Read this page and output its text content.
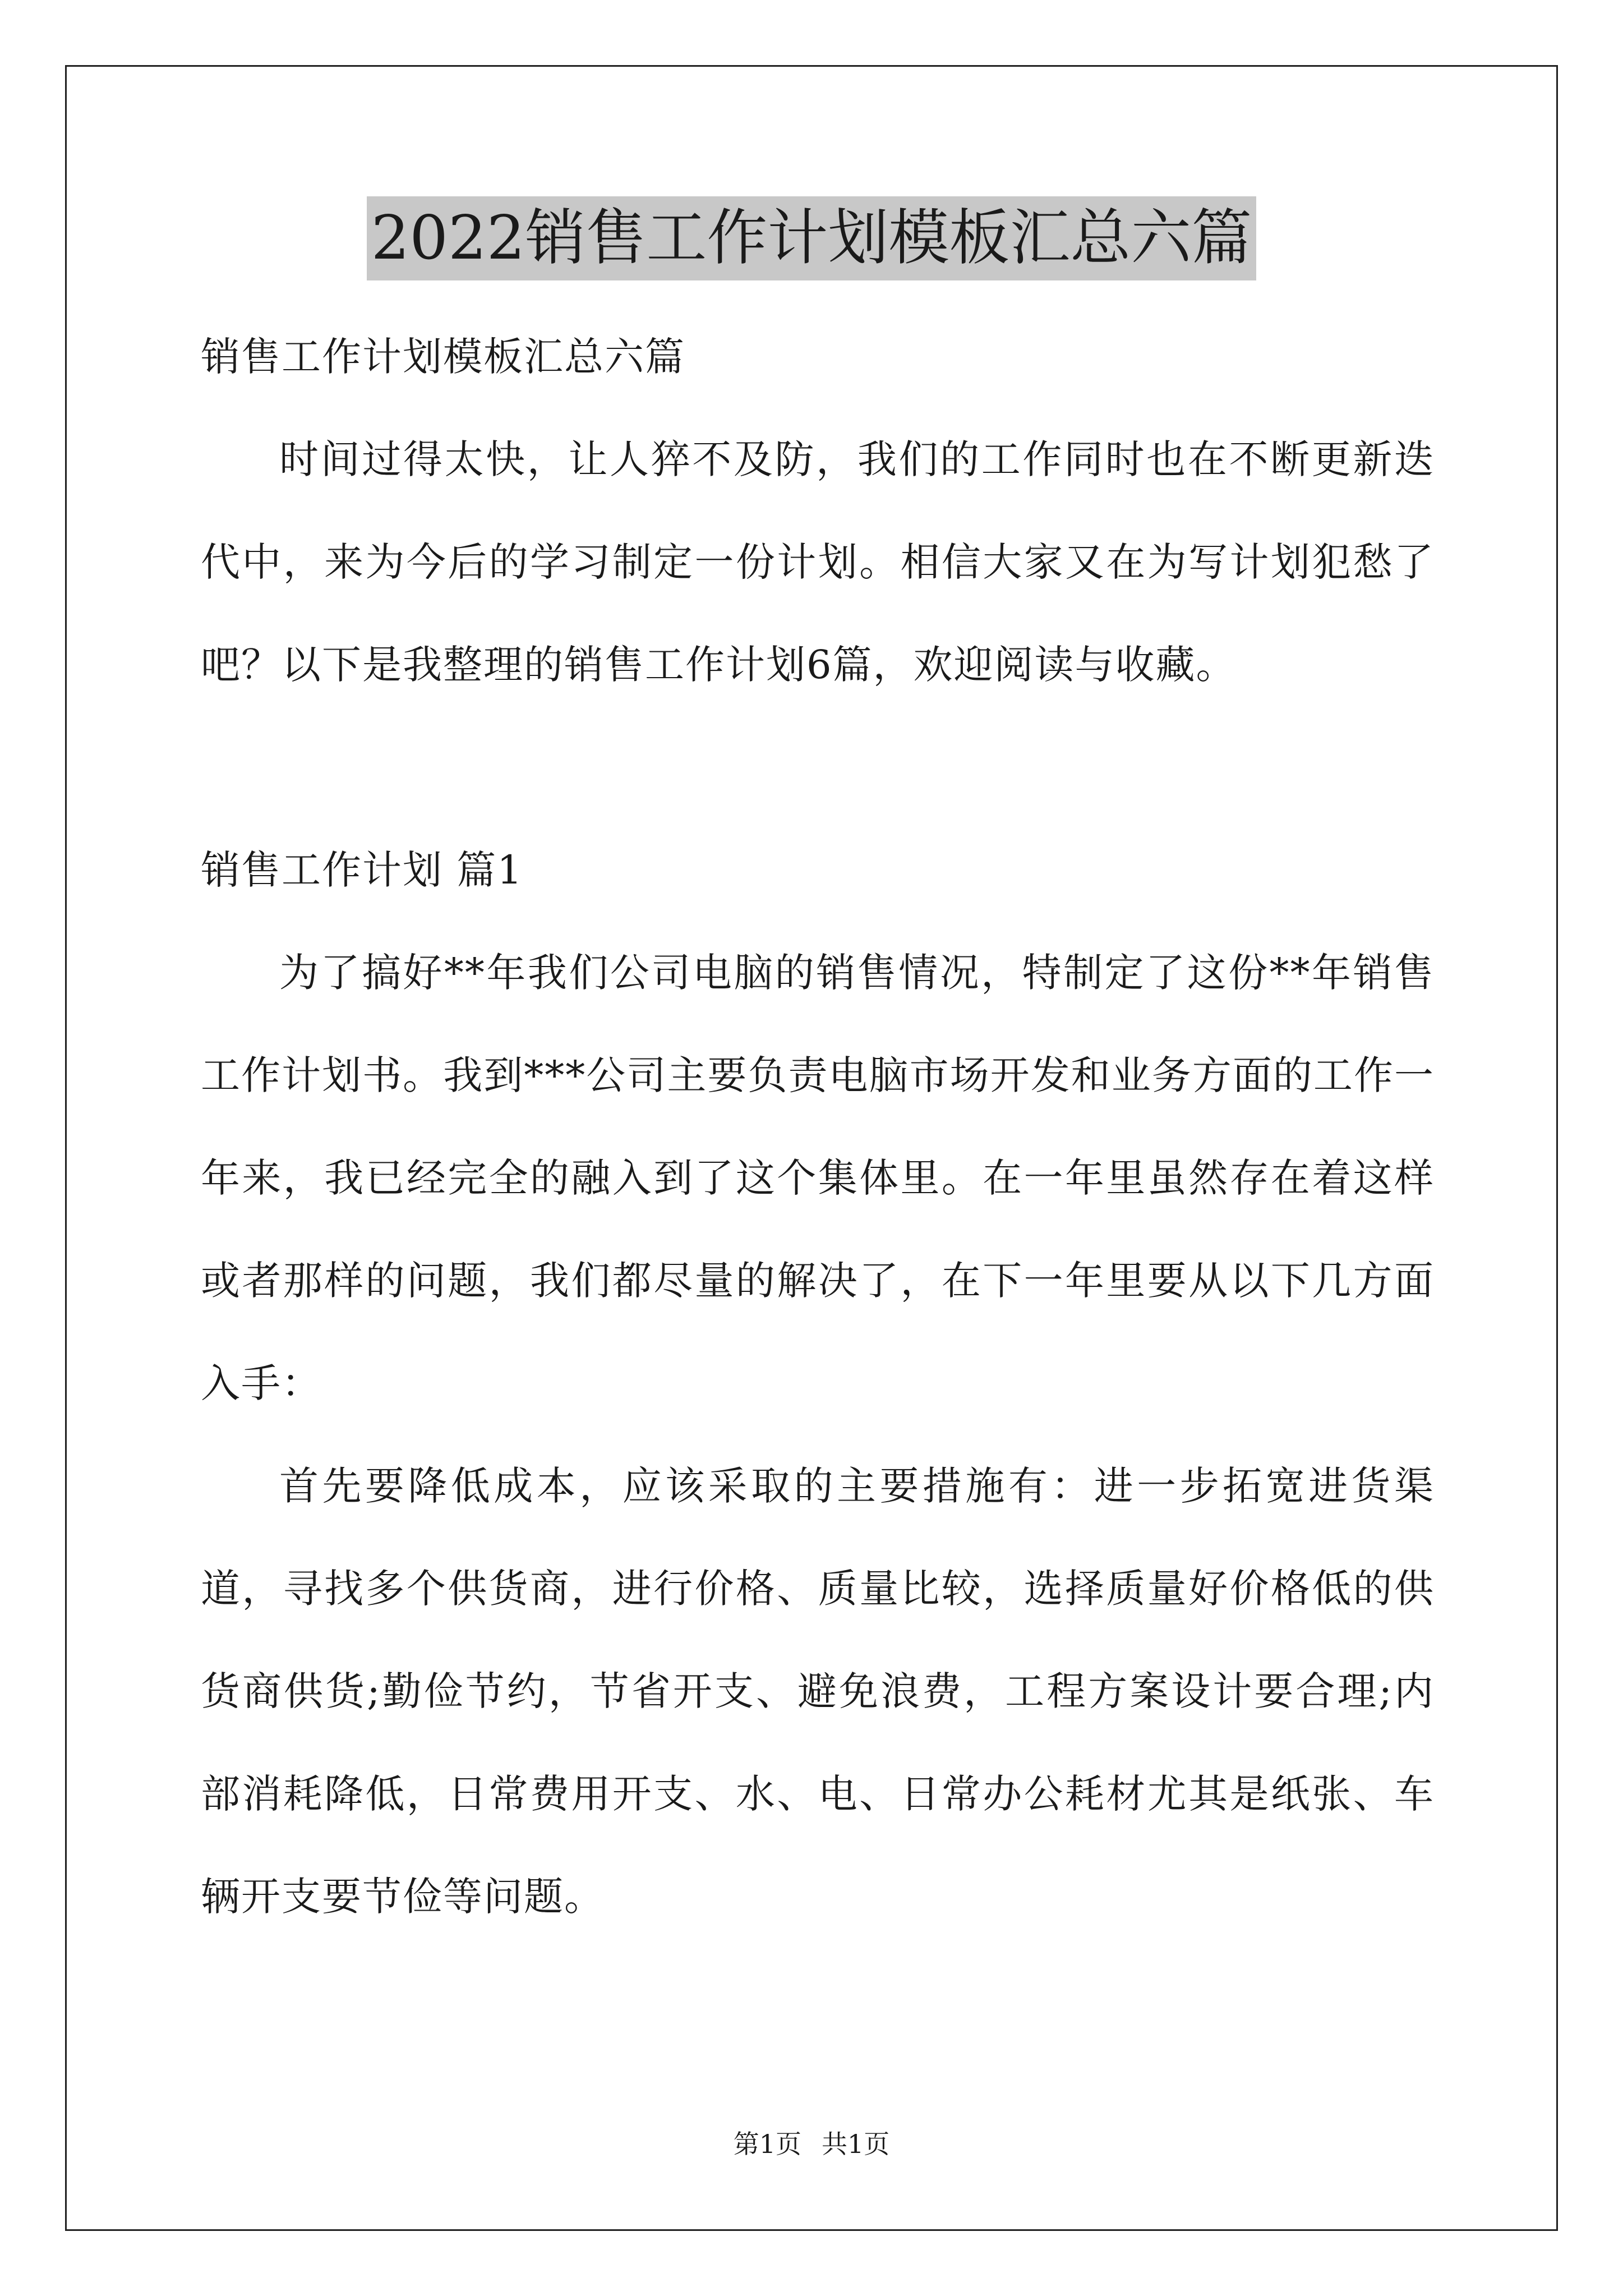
2022销售工作计划模板汇总六篇
销售工作计划模板汇总六篇

时间过得太快，让人猝不及防，我们的工作同时也在不断更新迭代中，来为今后的学习制定一份计划。相信大家又在为写计划犯愁了吧？以下是我整理的销售工作计划6篇，欢迎阅读与收藏。

销售工作计划 篇1

为了搞好**年我们公司电脑的销售情况，特制定了这份**年销售工作计划书。我到***公司主要负责电脑市场开发和业务方面的工作一年来，我已经完全的融入到了这个集体里。在一年里虽然存在着这样或者那样的问题，我们都尽量的解决了，在下一年里要从以下几方面入手：

首先要降低成本，应该采取的主要措施有：进一步拓宽进货渠道，寻找多个供货商，进行价格、质量比较，选择质量好价格低的供货商供货;勤俭节约，节省开支、避免浪费，工程方案设计要合理;内部消耗降低，日常费用开支、水、电、日常办公耗材尤其是纸张、车辆开支要节俭等问题。

第1页 共1页
